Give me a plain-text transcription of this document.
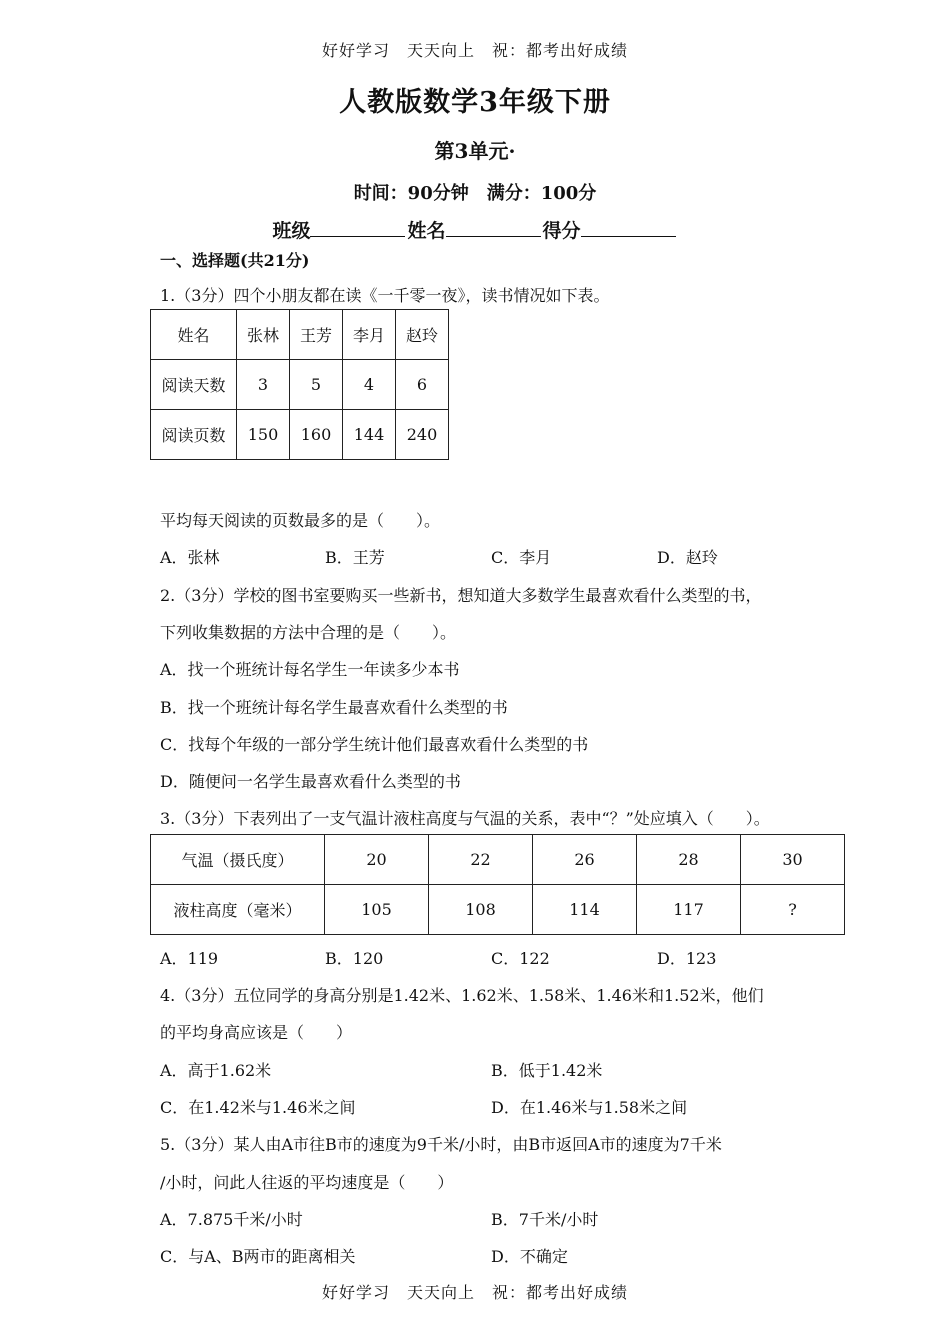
好好学习　天天向上　祝：都考出好成绩
人教版数学3年级下册
第3单元·
时间：90分钟　满分：100分
班级	姓名	得分
一、选择题(共21分)
1.（3分）四个小朋友都在读《一千零一夜》，读书情况如下表。
姓名	张林	王芳	李月	赵玲
阅读天数	3	5	4	6
阅读页数	150	160	144	240
平均每天阅读的页数最多的是（　　）。
A．张林	B．王芳	C．李月	D．赵玲
2.（3分）学校的图书室要购买一些新书，想知道大多数学生最喜欢看什么类型的书，
下列收集数据的方法中合理的是（　　）。
A．找一个班统计每名学生一年读多少本书
B．找一个班统计每名学生最喜欢看什么类型的书
C．找每个年级的一部分学生统计他们最喜欢看什么类型的书
D．随便问一名学生最喜欢看什么类型的书
3.（3分）下表列出了一支气温计液柱高度与气温的关系，表中“？”处应填入（　　）。
气温（摄氏度）	20	22	26	28	30
液柱高度（毫米）	105	108	114	117	?
A．119	B．120	C．122	D．123
4.（3分）五位同学的身高分别是1.42米、1.62米、1.58米、1.46米和1.52米，他们
的平均身高应该是（　　）
A．高于1.62米	B．低于1.42米
C．在1.42米与1.46米之间	D．在1.46米与1.58米之间
5.（3分）某人由A市往B市的速度为9千米/小时，由B市返回A市的速度为7千米
/小时，问此人往返的平均速度是（　　）
A．7.875千米/小时	B．7千米/小时
C．与A、B两市的距离相关	D．不确定
好好学习　天天向上　祝：都考出好成绩
